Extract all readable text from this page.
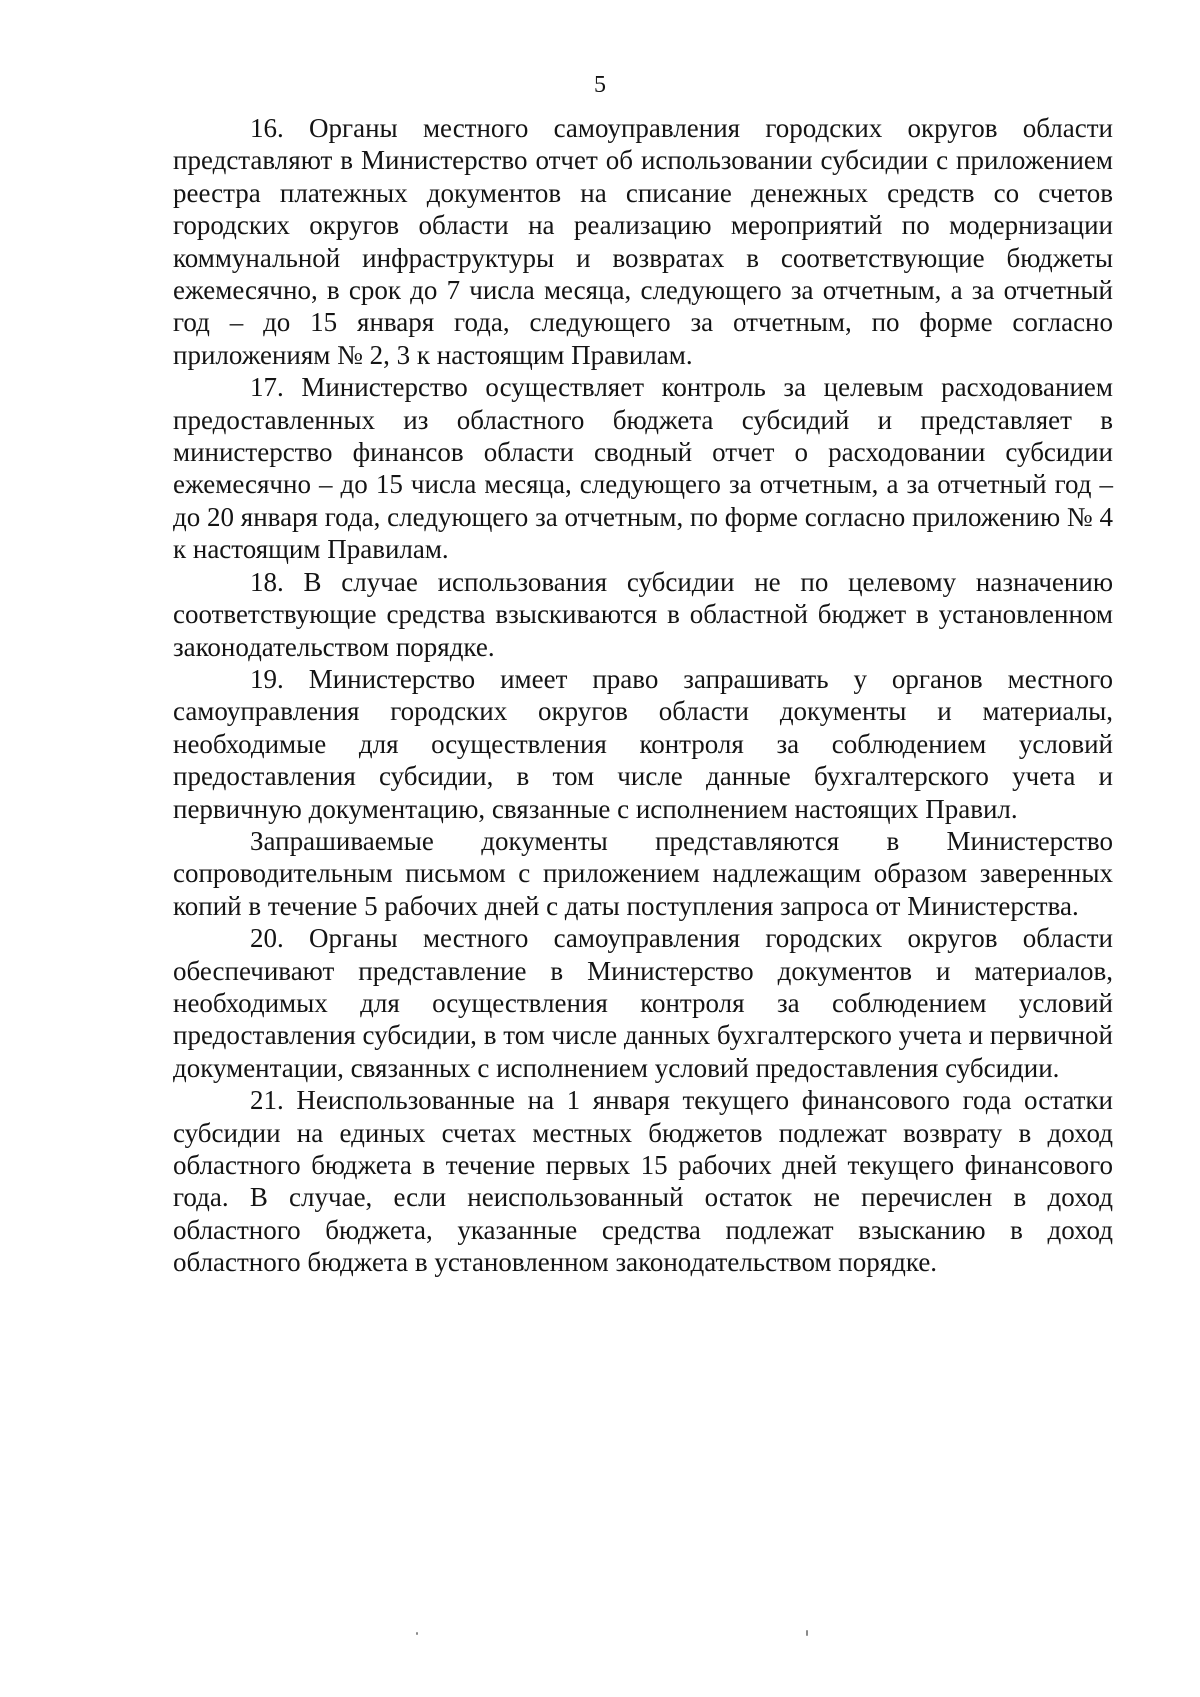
5

16. Органы местного самоуправления городских округов области представляют в Министерство отчет об использовании субсидии с приложением реестра платежных документов на списание денежных средств со счетов городских округов области на реализацию мероприятий по модернизации коммунальной инфраструктуры и возвратах в соответствующие бюджеты ежемесячно, в срок до 7 числа месяца, следующего за отчетным, а за отчетный год – до 15 января года, следующего за отчетным, по форме согласно приложениям № 2, 3 к настоящим Правилам.

17. Министерство осуществляет контроль за целевым расходованием предоставленных из областного бюджета субсидий и представляет в министерство финансов области сводный отчет о расходовании субсидии ежемесячно – до 15 числа месяца, следующего за отчетным, а за отчетный год – до 20 января года, следующего за отчетным, по форме согласно приложению № 4 к настоящим Правилам.

18. В случае использования субсидии не по целевому назначению соответствующие средства взыскиваются в областной бюджет в установленном законодательством порядке.

19. Министерство имеет право запрашивать у органов местного самоуправления городских округов области документы и материалы, необходимые для осуществления контроля за соблюдением условий предоставления субсидии, в том числе данные бухгалтерского учета и первичную документацию, связанные с исполнением настоящих Правил.

Запрашиваемые документы представляются в Министерство сопроводительным письмом с приложением надлежащим образом заверенных копий в течение 5 рабочих дней с даты поступления запроса от Министерства.

20. Органы местного самоуправления городских округов области обеспечивают представление в Министерство документов и материалов, необходимых для осуществления контроля за соблюдением условий предоставления субсидии, в том числе данных бухгалтерского учета и первичной документации, связанных с исполнением условий предоставления субсидии.

21. Неиспользованные на 1 января текущего финансового года остатки субсидии на единых счетах местных бюджетов подлежат возврату в доход областного бюджета в течение первых 15 рабочих дней текущего финансового года. В случае, если неиспользованный остаток не перечислен в доход областного бюджета, указанные средства подлежат взысканию в доход областного бюджета в установленном законодательством порядке.
